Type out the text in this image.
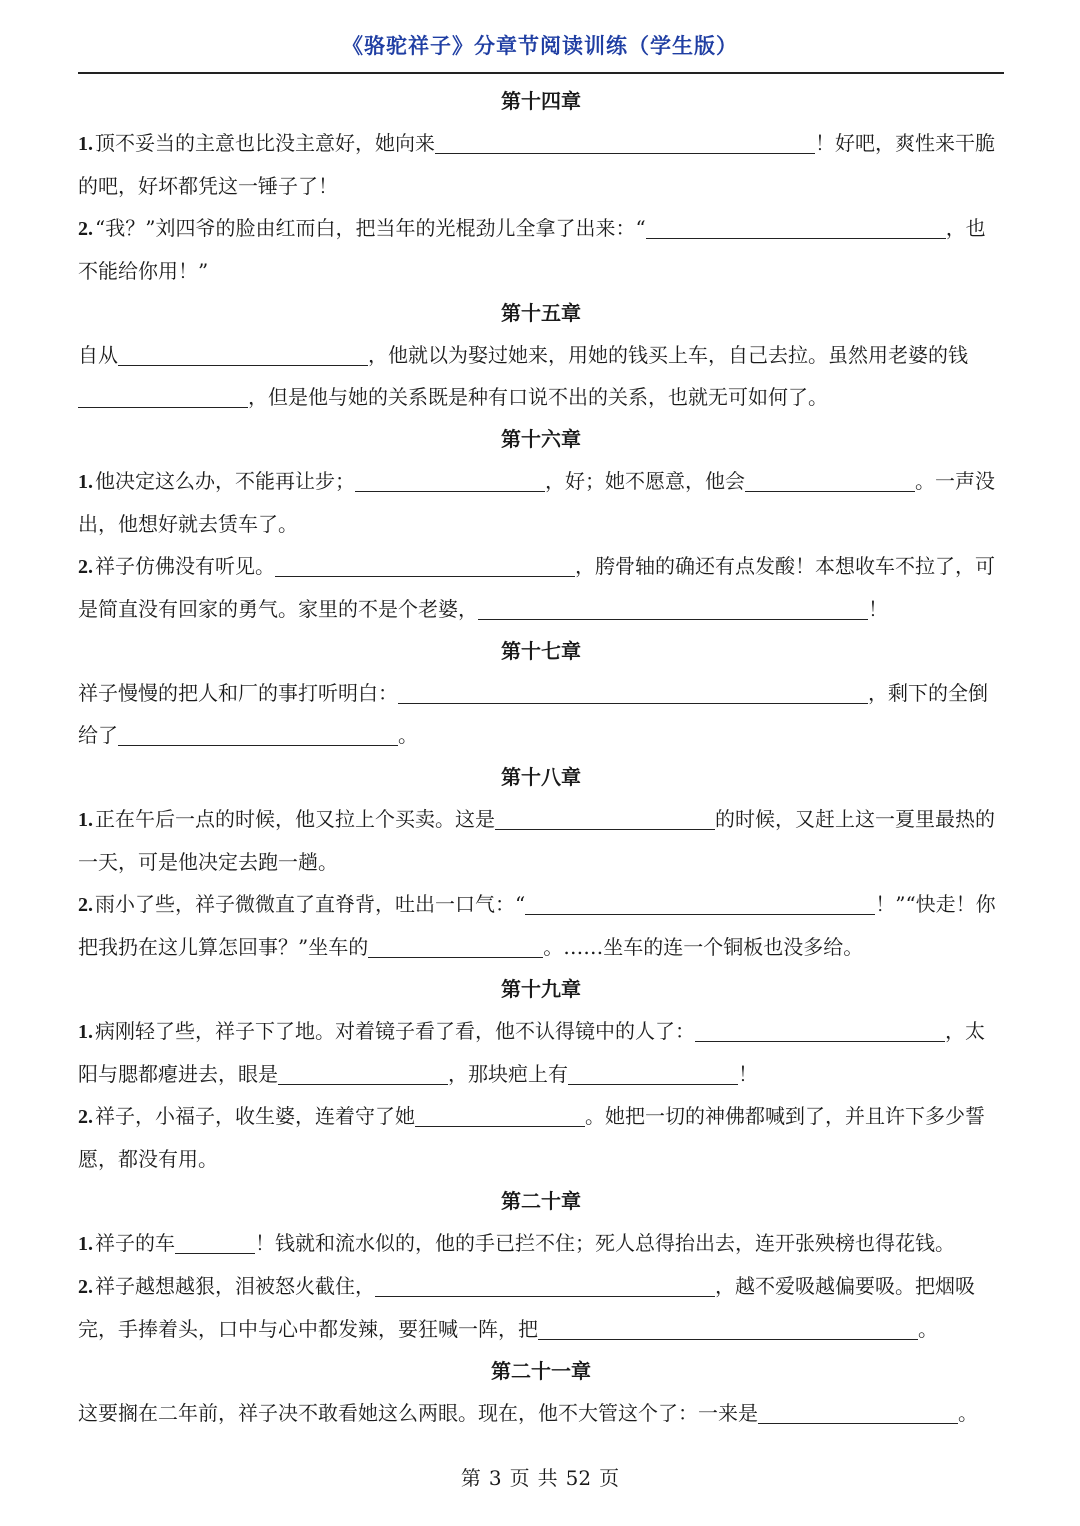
《骆驼祥子》分章节阅读训练（学生版）
第十四章

1. 顶不妥当的主意也比没主意好，她向来	！好吧，爽性来干脆的吧，好坏都凭这一锤子了！

2. “我？”刘四爷的脸由红而白，把当年的光棍劲儿全拿了出来：“	，也不能给你用！”

第十五章

自从	，他就以为娶过她来，用她的钱买上车，自己去拉。虽然用老婆的钱，但是他与她的关系既是种有口说不出的关系，也就无可如何了。

第十六章

1. 他决定这么办，不能再让步；	，好；她不愿意，他会	。一声没出，他想好就去赁车了。

2. 祥子仿佛没有听见。	，胯骨轴的确还有点发酸！本想收车不拉了，可是简直没有回家的勇气。家里的不是个老婆，	！

第十七章

祥子慢慢的把人和厂的事打听明白：	，剩下的全倒给了	。

第十八章

1. 正在午后一点的时候，他又拉上个买卖。这是	的时候，又赶上这一夏里最热的一天，可是他决定去跑一趟。

2. 雨小了些，祥子微微直了直脊背，吐出一口气：“	！”“快走！你把我扔在这儿算怎回事？”坐车的	。……坐车的连一个铜板也没多给。

第十九章

1. 病刚轻了些，祥子下了地。对着镜子看了看，他不认得镜中的人了：	，太阳与腮都瘪进去，眼是	，那块疤上有	！

2. 祥子，小福子，收生婆，连着守了她	。她把一切的神佛都喊到了，并且许下多少誓愿，都没有用。

第二十章

1. 祥子的车	！钱就和流水似的，他的手已拦不住；死人总得抬出去，连开张殃榜也得花钱。

2. 祥子越想越狠，泪被怒火截住，	，越不爱吸越偏要吸。把烟吸完，手捧着头，口中与心中都发辣，要狂喊一阵，把	。

第二十一章

这要搁在二年前，祥子决不敢看她这么两眼。现在，他不大管这个了：一来是	。

第 3 页 共 52 页
